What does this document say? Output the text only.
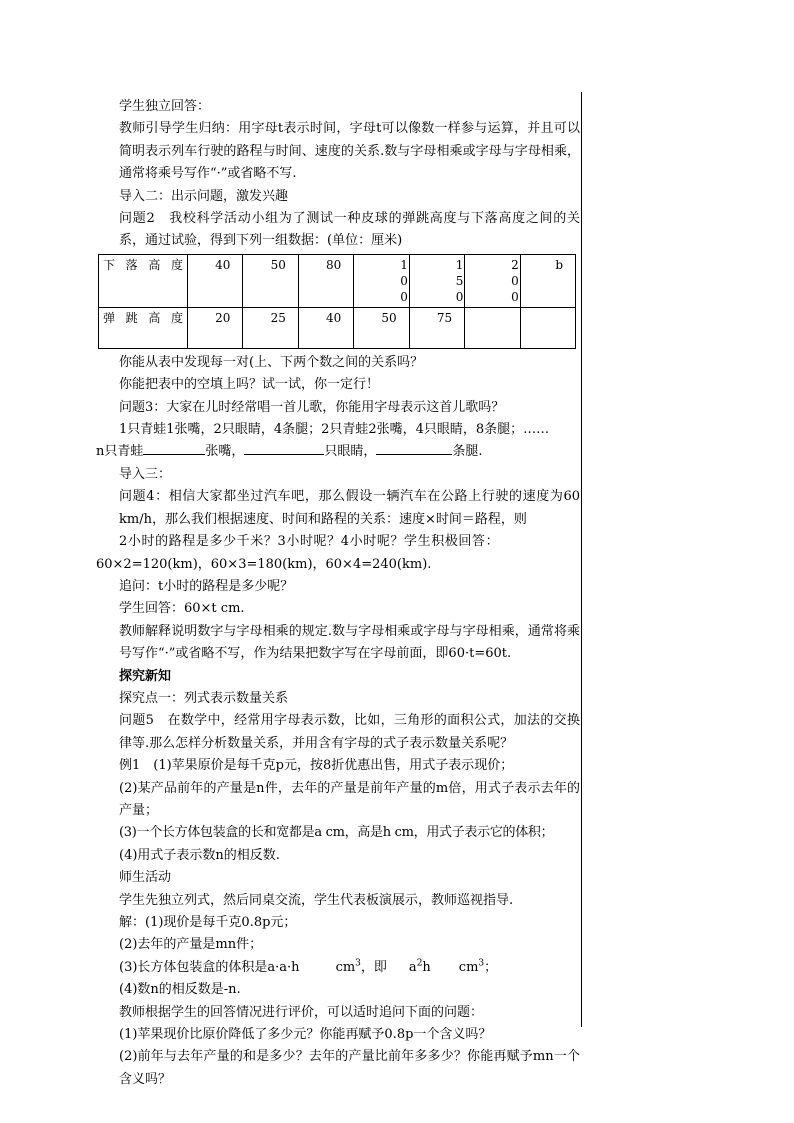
学生独立回答：

教师引导学生归纳：用字母t表示时间，字母t可以像数一样参与运算，并且可以简明表示列车行驶的路程与时间、速度的关系.数与字母相乘或字母与字母相乘，通常将乘号写作“·”或省略不写.

导入二：出示问题，激发兴趣

问题2　我校科学活动小组为了测试一种皮球的弹跳高度与下落高度之间的关系，通过试验，得到下列一组数据：(单位：厘米)

下落高度	40	50	80	100	150	200	b
弹跳高度	20	25	40	50	75		

你能从表中发现每一对(上、下两个数之间的关系吗？

你能把表中的空填上吗？试一试，你一定行！

问题3：大家在儿时经常唱一首儿歌，你能用字母表示这首儿歌吗？

1只青蛙1张嘴，2只眼睛，4条腿；2只青蛙2张嘴，4只眼睛，8条腿；……

n只青蛙	张嘴，	只眼睛，	条腿.

导入三：

问题4：相信大家都坐过汽车吧，那么假设一辆汽车在公路上行驶的速度为60 km/h，那么我们根据速度、时间和路程的关系：速度×时间＝路程，则

2小时的路程是多少千米？3小时呢？4小时呢？学生积极回答：

60×2=120(km)，60×3=180(km)，60×4=240(km).

追问：t小时的路程是多少呢？

学生回答：60×t cm.

教师解释说明数字与字母相乘的规定.数与字母相乘或字母与字母相乘，通常将乘号写作“·”或省略不写，作为结果把数字写在字母前面，即60·t=60t.

探究新知

探究点一：列式表示数量关系

问题5　在数学中，经常用字母表示数，比如，三角形的面积公式，加法的交换律等.那么怎样分析数量关系，并用含有字母的式子表示数量关系呢？

例1　(1)苹果原价是每千克p元，按8折优惠出售，用式子表示现价；

(2)某产品前年的产量是n件，去年的产量是前年产量的m倍，用式子表示去年的产量；

(3)一个长方体包装盒的长和宽都是a cm，高是h cm，用式子表示它的体积；

(4)用式子表示数n的相反数.

师生活动

学生先独立列式，然后同桌交流，学生代表板演展示，教师巡视指导.

解：(1)现价是每千克0.8p元；

(2)去年的产量是mn件；

(3)长方体包装盒的体积是a·a·h	$cm^3$，即 $a^2h$ $cm^3$；

(4)数n的相反数是-n.

教师根据学生的回答情况进行评价，可以适时追问下面的问题：

(1)苹果现价比原价降低了多少元？你能再赋予0.8p一个含义吗？

(2)前年与去年产量的和是多少？去年的产量比前年多多少？你能再赋予mn一个含义吗？
